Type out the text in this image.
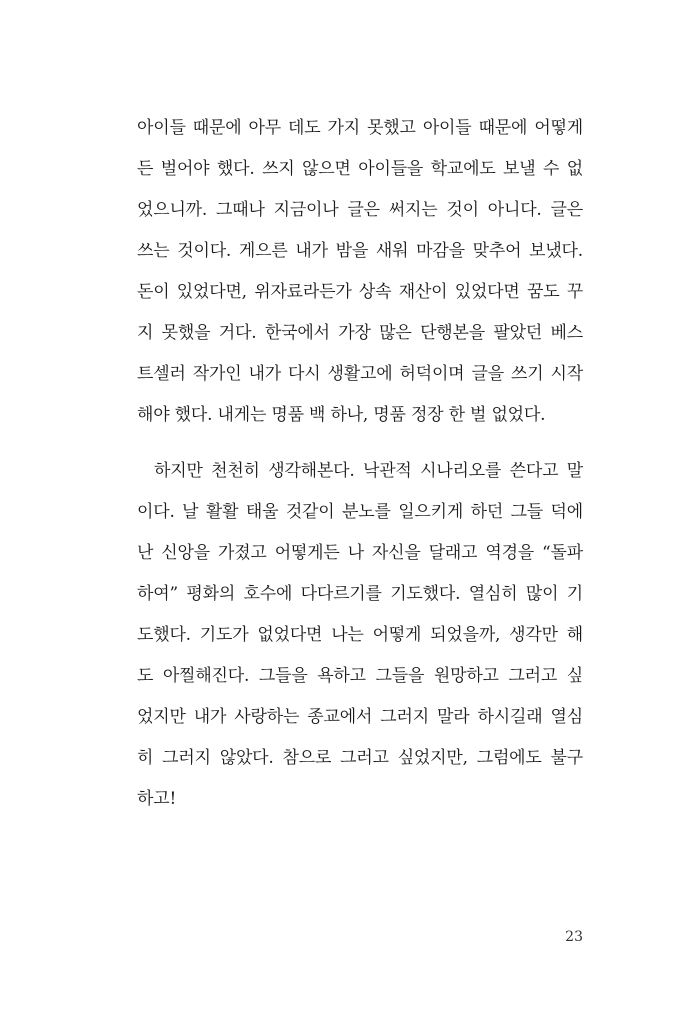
아이들 때문에 아무 데도 가지 못했고 아이들 때문에 어떻게
든 벌어야 했다. 쓰지 않으면 아이들을 학교에도 보낼 수 없
었으니까. 그때나 지금이나 글은 써지는 것이 아니다. 글은
쓰는 것이다. 게으른 내가 밤을 새워 마감을 맞추어 보냈다.
돈이 있었다면, 위자료라든가 상속 재산이 있었다면 꿈도 꾸
지 못했을 거다. 한국에서 가장 많은 단행본을 팔았던 베스
트셀러 작가인 내가 다시 생활고에 허덕이며 글을 쓰기 시작
해야 했다. 내게는 명품 백 하나, 명품 정장 한 벌 없었다.
하지만 천천히 생각해본다. 낙관적 시나리오를 쓴다고 말
이다. 날 활활 태울 것같이 분노를 일으키게 하던 그들 덕에
난 신앙을 가졌고 어떻게든 나 자신을 달래고 역경을 “돌파
하여” 평화의 호수에 다다르기를 기도했다. 열심히 많이 기
도했다. 기도가 없었다면 나는 어떻게 되었을까, 생각만 해
도 아찔해진다. 그들을 욕하고 그들을 원망하고 그러고 싶
었지만 내가 사랑하는 종교에서 그러지 말라 하시길래 열심
히 그러지 않았다. 참으로 그러고 싶었지만, 그럼에도 불구
하고!
23
